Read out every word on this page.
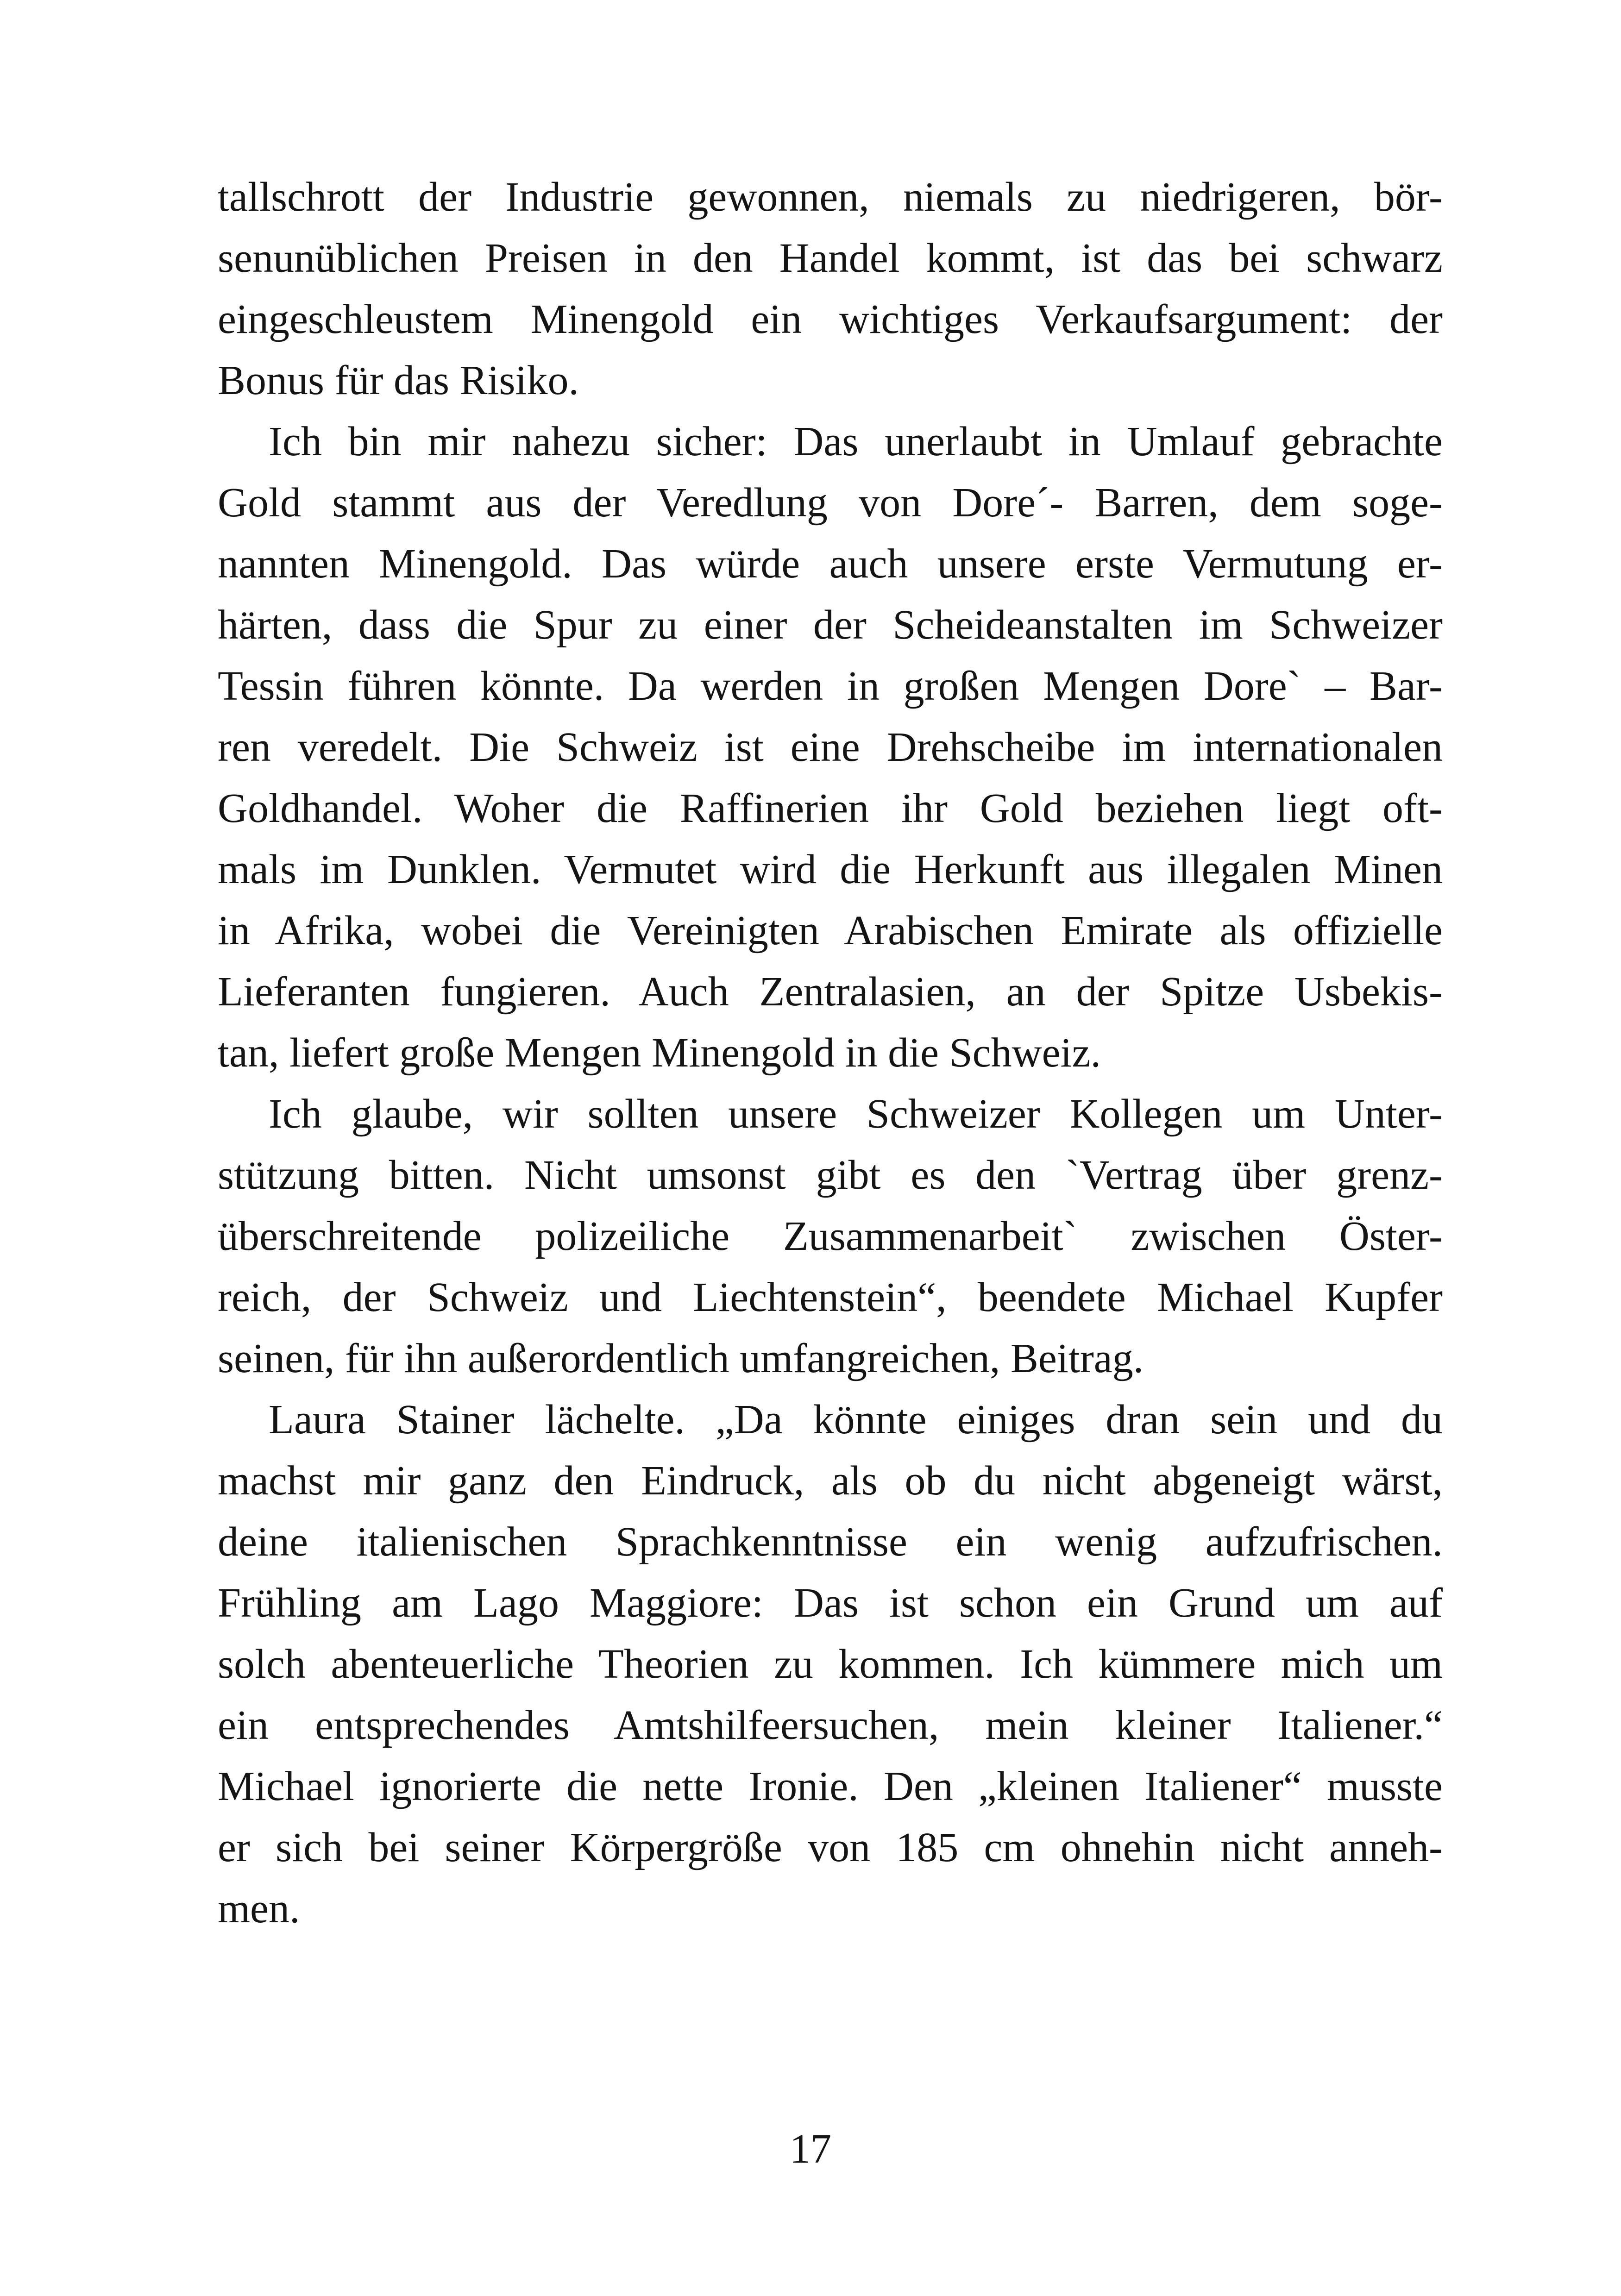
tallschrott der Industrie gewonnen, niemals zu niedrigeren, bör-
senunüblichen Preisen in den Handel kommt, ist das bei schwarz
eingeschleustem Minengold ein wichtiges Verkaufsargument: der
Bonus für das Risiko.
Ich bin mir nahezu sicher: Das unerlaubt in Umlauf gebrachte
Gold stammt aus der Veredlung von Dore´- Barren, dem soge-
nannten Minengold. Das würde auch unsere erste Vermutung er-
härten, dass die Spur zu einer der Scheideanstalten im Schweizer
Tessin führen könnte. Da werden in großen Mengen Dore` – Bar-
ren veredelt. Die Schweiz ist eine Drehscheibe im internationalen
Goldhandel. Woher die Raffinerien ihr Gold beziehen liegt oft-
mals im Dunklen. Vermutet wird die Herkunft aus illegalen Minen
in Afrika, wobei die Vereinigten Arabischen Emirate als offizielle
Lieferanten fungieren. Auch Zentralasien, an der Spitze Usbekis-
tan, liefert große Mengen Minengold in die Schweiz.
Ich glaube, wir sollten unsere Schweizer Kollegen um Unter-
stützung bitten. Nicht umsonst gibt es den `Vertrag über grenz-
überschreitende polizeiliche Zusammenarbeit` zwischen Öster-
reich, der Schweiz und Liechtenstein“, beendete Michael Kupfer
seinen, für ihn außerordentlich umfangreichen, Beitrag.
Laura Stainer lächelte. „Da könnte einiges dran sein und du
machst mir ganz den Eindruck, als ob du nicht abgeneigt wärst,
deine italienischen Sprachkenntnisse ein wenig aufzufrischen.
Frühling am Lago Maggiore: Das ist schon ein Grund um auf
solch abenteuerliche Theorien zu kommen. Ich kümmere mich um
ein entsprechendes Amtshilfeersuchen, mein kleiner Italiener.“
Michael ignorierte die nette Ironie. Den „kleinen Italiener“ musste
er sich bei seiner Körpergröße von 185 cm ohnehin nicht anneh-
men.
17
